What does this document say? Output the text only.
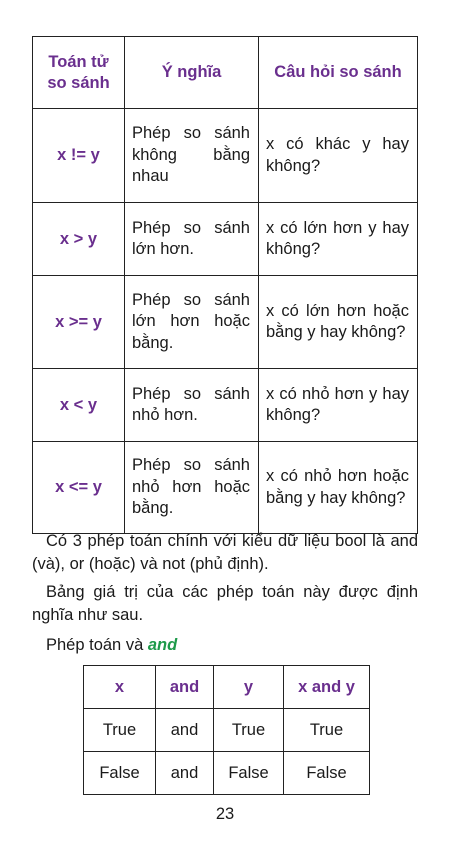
Toán tử so sánh	Ý nghĩa	Câu hỏi so sánh
x != y	Phép so sánh không bằng nhau	x có khác y hay không?
x > y	Phép so sánh lớn hơn.	x có lớn hơn y hay không?
x >= y	Phép so sánh lớn hơn hoặc bằng.	x có lớn hơn hoặc bằng y hay không?
x < y	Phép so sánh nhỏ hơn.	x có nhỏ hơn y hay không?
x <= y	Phép so sánh nhỏ hơn hoặc bằng.	x có nhỏ hơn hoặc bằng y hay không?

Có 3 phép toán chính với kiểu dữ liệu bool là and (và), or (hoặc) và not (phủ định).

Bảng giá trị của các phép toán này được định nghĩa như sau.

Phép toán và and

x	and	y	x and y
True	and	True	True
False	and	False	False
23
